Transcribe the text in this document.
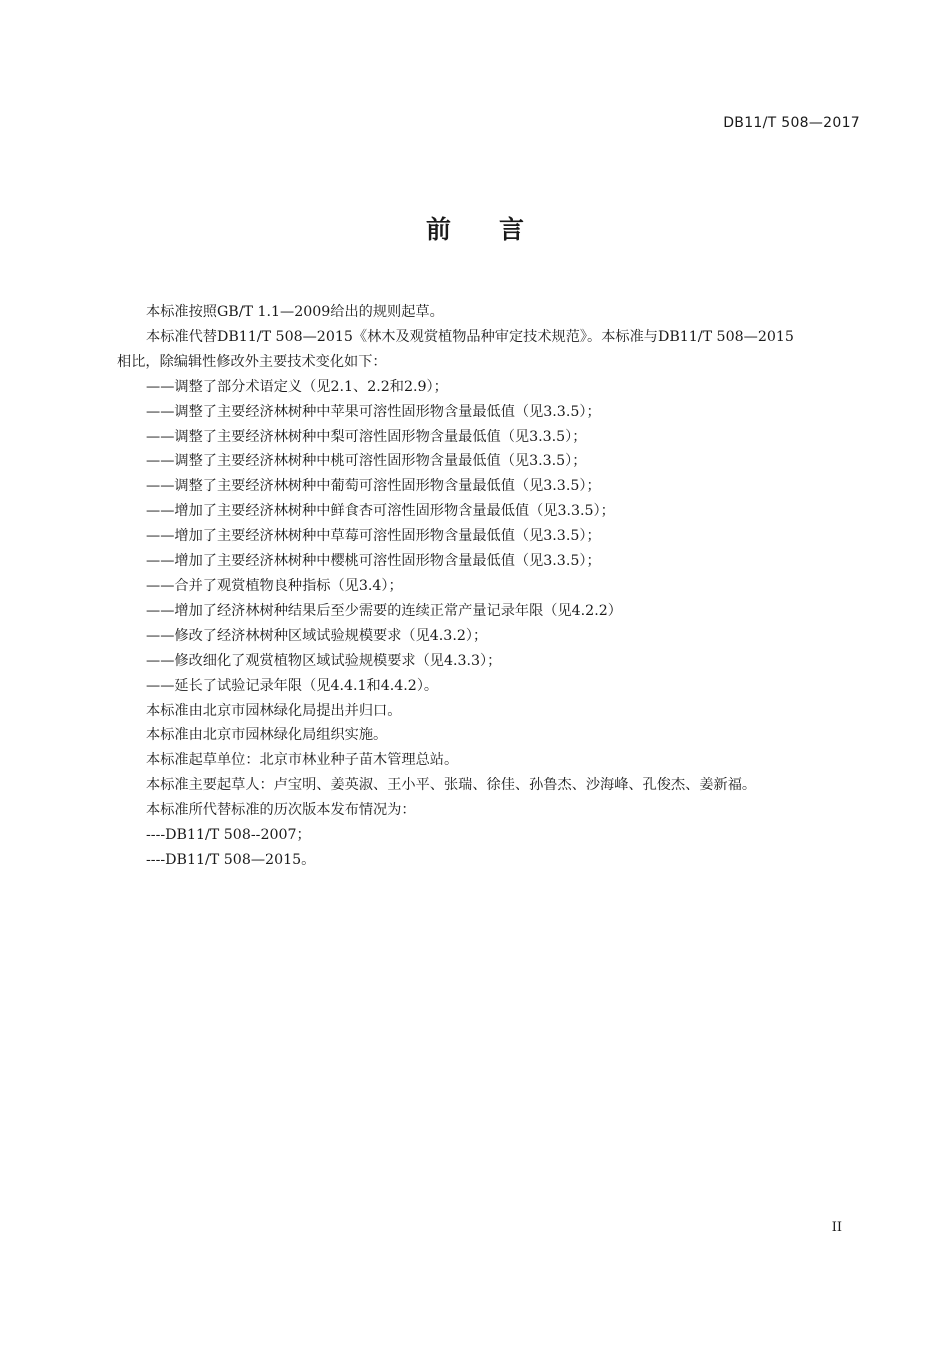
DB11/T 508—2017
前言
本标准按照GB/T 1.1—2009给出的规则起草。
本标准代替DB11/T 508—2015《林木及观赏植物品种审定技术规范》。本标准与DB11/T 508—2015
相比，除编辑性修改外主要技术变化如下：
——调整了部分术语定义（见2.1、2.2和2.9）；
——调整了主要经济林树种中苹果可溶性固形物含量最低值（见3.3.5）；
——调整了主要经济林树种中梨可溶性固形物含量最低值（见3.3.5）；
——调整了主要经济林树种中桃可溶性固形物含量最低值（见3.3.5）；
——调整了主要经济林树种中葡萄可溶性固形物含量最低值（见3.3.5）；
——增加了主要经济林树种中鲜食杏可溶性固形物含量最低值（见3.3.5）；
——增加了主要经济林树种中草莓可溶性固形物含量最低值（见3.3.5）；
——增加了主要经济林树种中樱桃可溶性固形物含量最低值（见3.3.5）；
——合并了观赏植物良种指标（见3.4）；
——增加了经济林树种结果后至少需要的连续正常产量记录年限（见4.2.2）
——修改了经济林树种区域试验规模要求（见4.3.2）；
——修改细化了观赏植物区域试验规模要求（见4.3.3）；
——延长了试验记录年限（见4.4.1和4.4.2）。
本标准由北京市园林绿化局提出并归口。
本标准由北京市园林绿化局组织实施。
本标准起草单位：北京市林业种子苗木管理总站。
本标准主要起草人：卢宝明、姜英淑、王小平、张瑞、徐佳、孙鲁杰、沙海峰、孔俊杰、姜新福。
本标准所代替标准的历次版本发布情况为：
----DB11/T 508--2007；
----DB11/T 508—2015。
II
